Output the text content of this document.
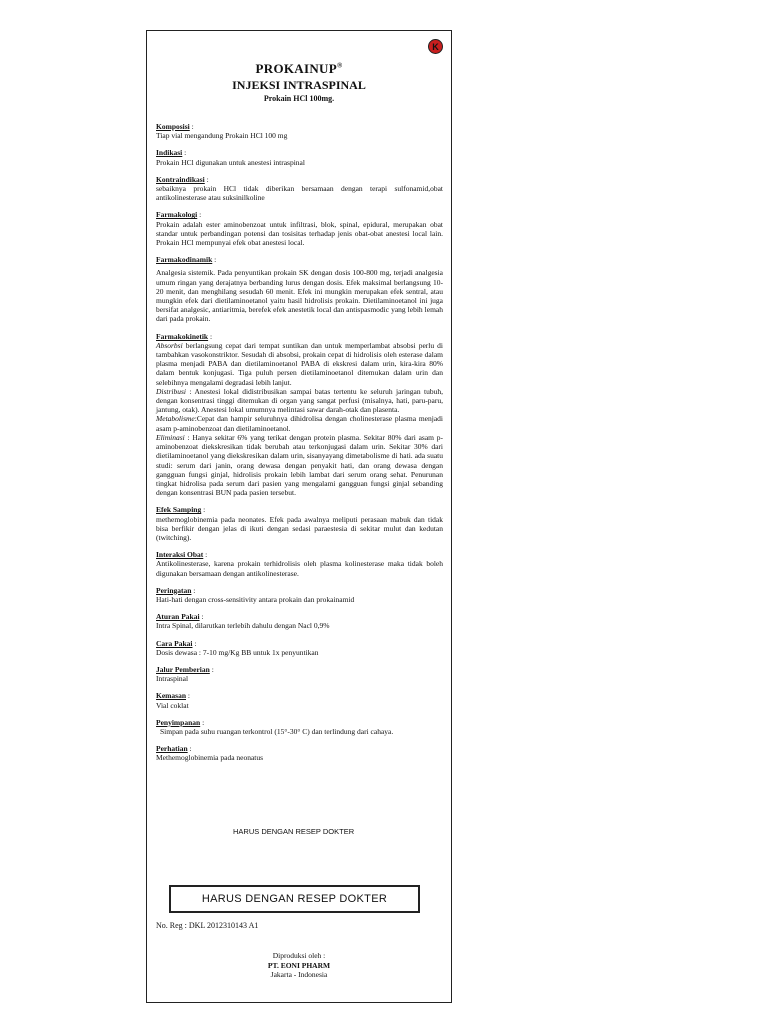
K
PROKAINUP®
INJEKSI INTRASPINAL
Prokain HCl 100mg.
Komposisi :
Tiap vial mengandung Prokain HCl 100 mg
Indikasi :
Prokain HCl digunakan untuk anestesi intraspinal
Kontraindikasi :
sebaiknya prokain HCl tidak diberikan bersamaan dengan terapi sulfonamid,obat antikolinesterase atau suksinilkoline
Farmakologi :
Prokain adalah ester aminobenzoat untuk infiltrasi, blok, spinal, epidural, merupakan obat standar untuk perbandingan potensi dan tosisitas terhadap jenis obat-obat anestesi local lain. Prokain HCl mempunyai efek obat anestesi local.
Farmakodinamik :
Analgesia sistemik. Pada penyuntikan prokain SK dengan dosis 100-800 mg, terjadi analgesia umum ringan yang derajatnya berbanding lurus dengan dosis. Efek maksimal berlangsung 10-20 menit, dan menghilang sesudah 60 menit. Efek ini mungkin merupakan efek sentral, atau mungkin efek dari dietilaminoetanol yaitu hasil hidrolisis prokain. Dietilaminoetanol ini juga bersifat analgesic, antiaritmia, berefek efek anestetik local dan antispasmodic yang lebih lemah dari pada prokain.
Farmakokinetik :
Absorbsi berlangsung cepat dari tempat suntikan dan untuk memperlambat absobsi perlu di tambahkan vasokonstriktor. Sesudah di absobsi, prokain cepat di hidrolisis oleh esterase dalam plasma menjadi PABA dan dietilaminoetanol PABA di ekskresi dalam urin, kira-kira 80% dalam bentuk konjugasi. Tiga puluh persen dietilaminoetanol ditemukan dalam urin dan selebihnya mengalami degradasi lebih lanjut.
Distribusi : Anestesi lokal didistribusikan sampai batas tertentu ke seluruh jaringan tubuh, dengan konsentrasi tinggi ditemukan di organ yang sangat perfusi (misalnya, hati, paru-paru, jantung, otak). Anestesi lokal umumnya melintasi sawar darah-otak dan plasenta.
Metabolisme:Cepat dan hampir seluruhnya dihidrolisa dengan cholinesterase plasma menjadi asam p-aminobenzoat dan dietilaminoetanol.
Eliminasi : Hanya sekitar 6% yang terikat dengan protein plasma. Sekitar 80% dari asam p-aminobenzoat diekskresikan tidak berubah atau terkonjugasi dalam urin. Sekitar 30% dari dietilaminoetanol yang diekskresikan dalam urin, sisanyayang dimetabolisme di hati. ada suatu studi: serum dari janin, orang dewasa dengan penyakit hati, dan orang dewasa dengan gangguan fungsi ginjal, hidrolisis prokain lebih lambat dari serum orang sehat. Penurunan tingkat hidrolisa pada serum dari pasien yang mengalami gangguan fungsi ginjal sebanding dengan konsentrasi BUN pada pasien tersebut.
Efek Samping :
methemoglobinemia pada neonates. Efek pada awalnya meliputi perasaan mabuk dan tidak bisa berfikir dengan jelas di ikuti dengan sedasi paraestesia di sekitar mulut dan kedutan (twitching).
Interaksi Obat :
Antikolinesterase, karena prokain terhidrolisis oleh plasma kolinesterase maka tidak boleh digunakan bersamaan dengan antikolinesterase.
Peringatan :
Hati-hati dengan cross-sensitivity antara prokain dan prokainamid
Aturan Pakai :
Intra Spinal, dilarutkan terlebih dahulu dengan Nacl 0,9%
Cara Pakai :
Dosis dewasa : 7-10 mg/Kg BB untuk 1x penyuntikan
Jalur Pemberian :
Intraspinal
Kemasan :
Vial coklat
Penyimpanan :
Simpan pada suhu ruangan terkontrol (15°-30° C) dan terlindung dari cahaya.
Perhatian :
Methemoglobinemia pada neonatus
HARUS DENGAN RESEP DOKTER
HARUS DENGAN RESEP DOKTER
No. Reg : DKL 2012310143 A1
Diproduksi oleh :
PT. EONI PHARM
Jakarta - Indonesia
